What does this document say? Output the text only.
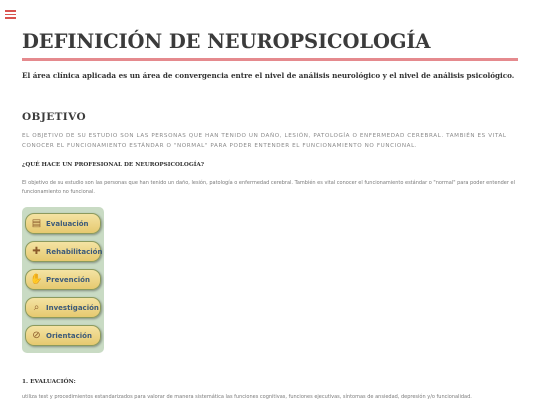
DEFINICIÓN DE NEUROPSICOLOGÍA

El área clínica aplicada es un área de convergencia entre el nivel de análisis neurológico y el nivel de análisis psicológico.

OBJETIVO

EL OBJETIVO DE SU ESTUDIO SON LAS PERSONAS QUE HAN TENIDO UN DAÑO, LESIÓN, PATOLOGÍA O ENFERMEDAD CEREBRAL. TAMBIÉN ES VITAL CONOCER EL FUNCIONAMIENTO ESTÁNDAR O "NORMAL" PARA PODER ENTENDER EL FUNCIONAMIENTO NO FUNCIONAL.

¿QUÉ HACE UN PROFESIONAL DE NEUROPSICOLOGÍA?

El objetivo de su estudio son las personas que han tenido un daño, lesión, patología o enfermedad cerebral. También es vital conocer el funcionamiento estándar o "normal" para poder entender el funcionamiento no funcional.

▤ Evaluación
✚ Rehabilitación
✋ Prevención
⌕ Investigación
⊘ Orientación

1. EVALUACIÓN:

utiliza test y procedimientos estandarizados para valorar de manera sistemática las funciones cognitivas, funciones ejecutivas, síntomas de ansiedad, depresión y/o funcionalidad.
